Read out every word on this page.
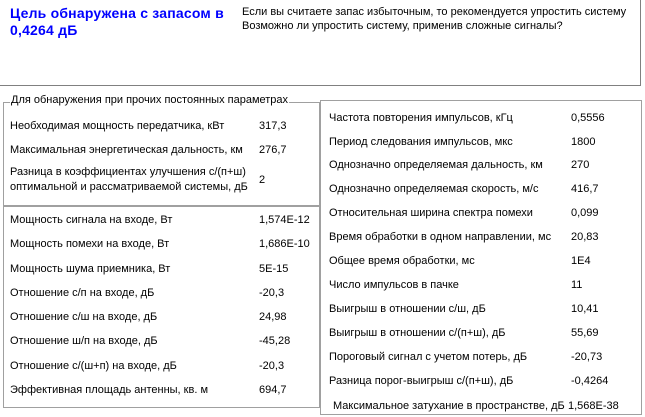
Цель обнаружена с запасом в 0,4264 дБ
Если вы считаете запас избыточным, то рекомендуется упростить систему
Возможно ли упростить систему, применив сложные сигналы?
Для обнаружения при прочих постоянных параметрах
Необходимая мощность передатчика, кВт	317,3
Максимальная энергетическая дальность, км 276,7
Разница в коэффициентах улучшения с/(п+ш)
оптимальной и рассматриваемой системы, дБ
2
Мощность сигнала на входе, Вт	1,574E-12
Мощность помехи на входе, Вт	1,686E-10
Мощность шума приемника, Вт	5E-15
Отношение с/п на входе, дБ	-20,3
Отношение с/ш на входе, дБ	24,98
Отношение ш/п на входе, дБ	-45,28
Отношение с/(ш+п) на входе, дБ	-20,3
Эффективная площадь антенны, кв. м	694,7
Частота повторения импульсов, кГц	0,5556
Период следования импульсов, мкс	1800
Однозначно определяемая дальность, км	270
Однозначно определяемая скорость, м/с	416,7
Относительная ширина спектра помехи	0,099
Время обработки в одном направлении, мс 20,83
Общее время обработки, мс	1E4
Число импульсов в пачке	11
Выигрыш в отношении с/ш, дБ	10,41
Выигрыш в отношении с/(п+ш), дБ	55,69
Пороговый сигнал с учетом потерь, дБ	-20,73
Разница порог-выигрыш с/(п+ш), дБ	-0,4264
Максимальное затухание в пространстве, дБ 1,568E-38
